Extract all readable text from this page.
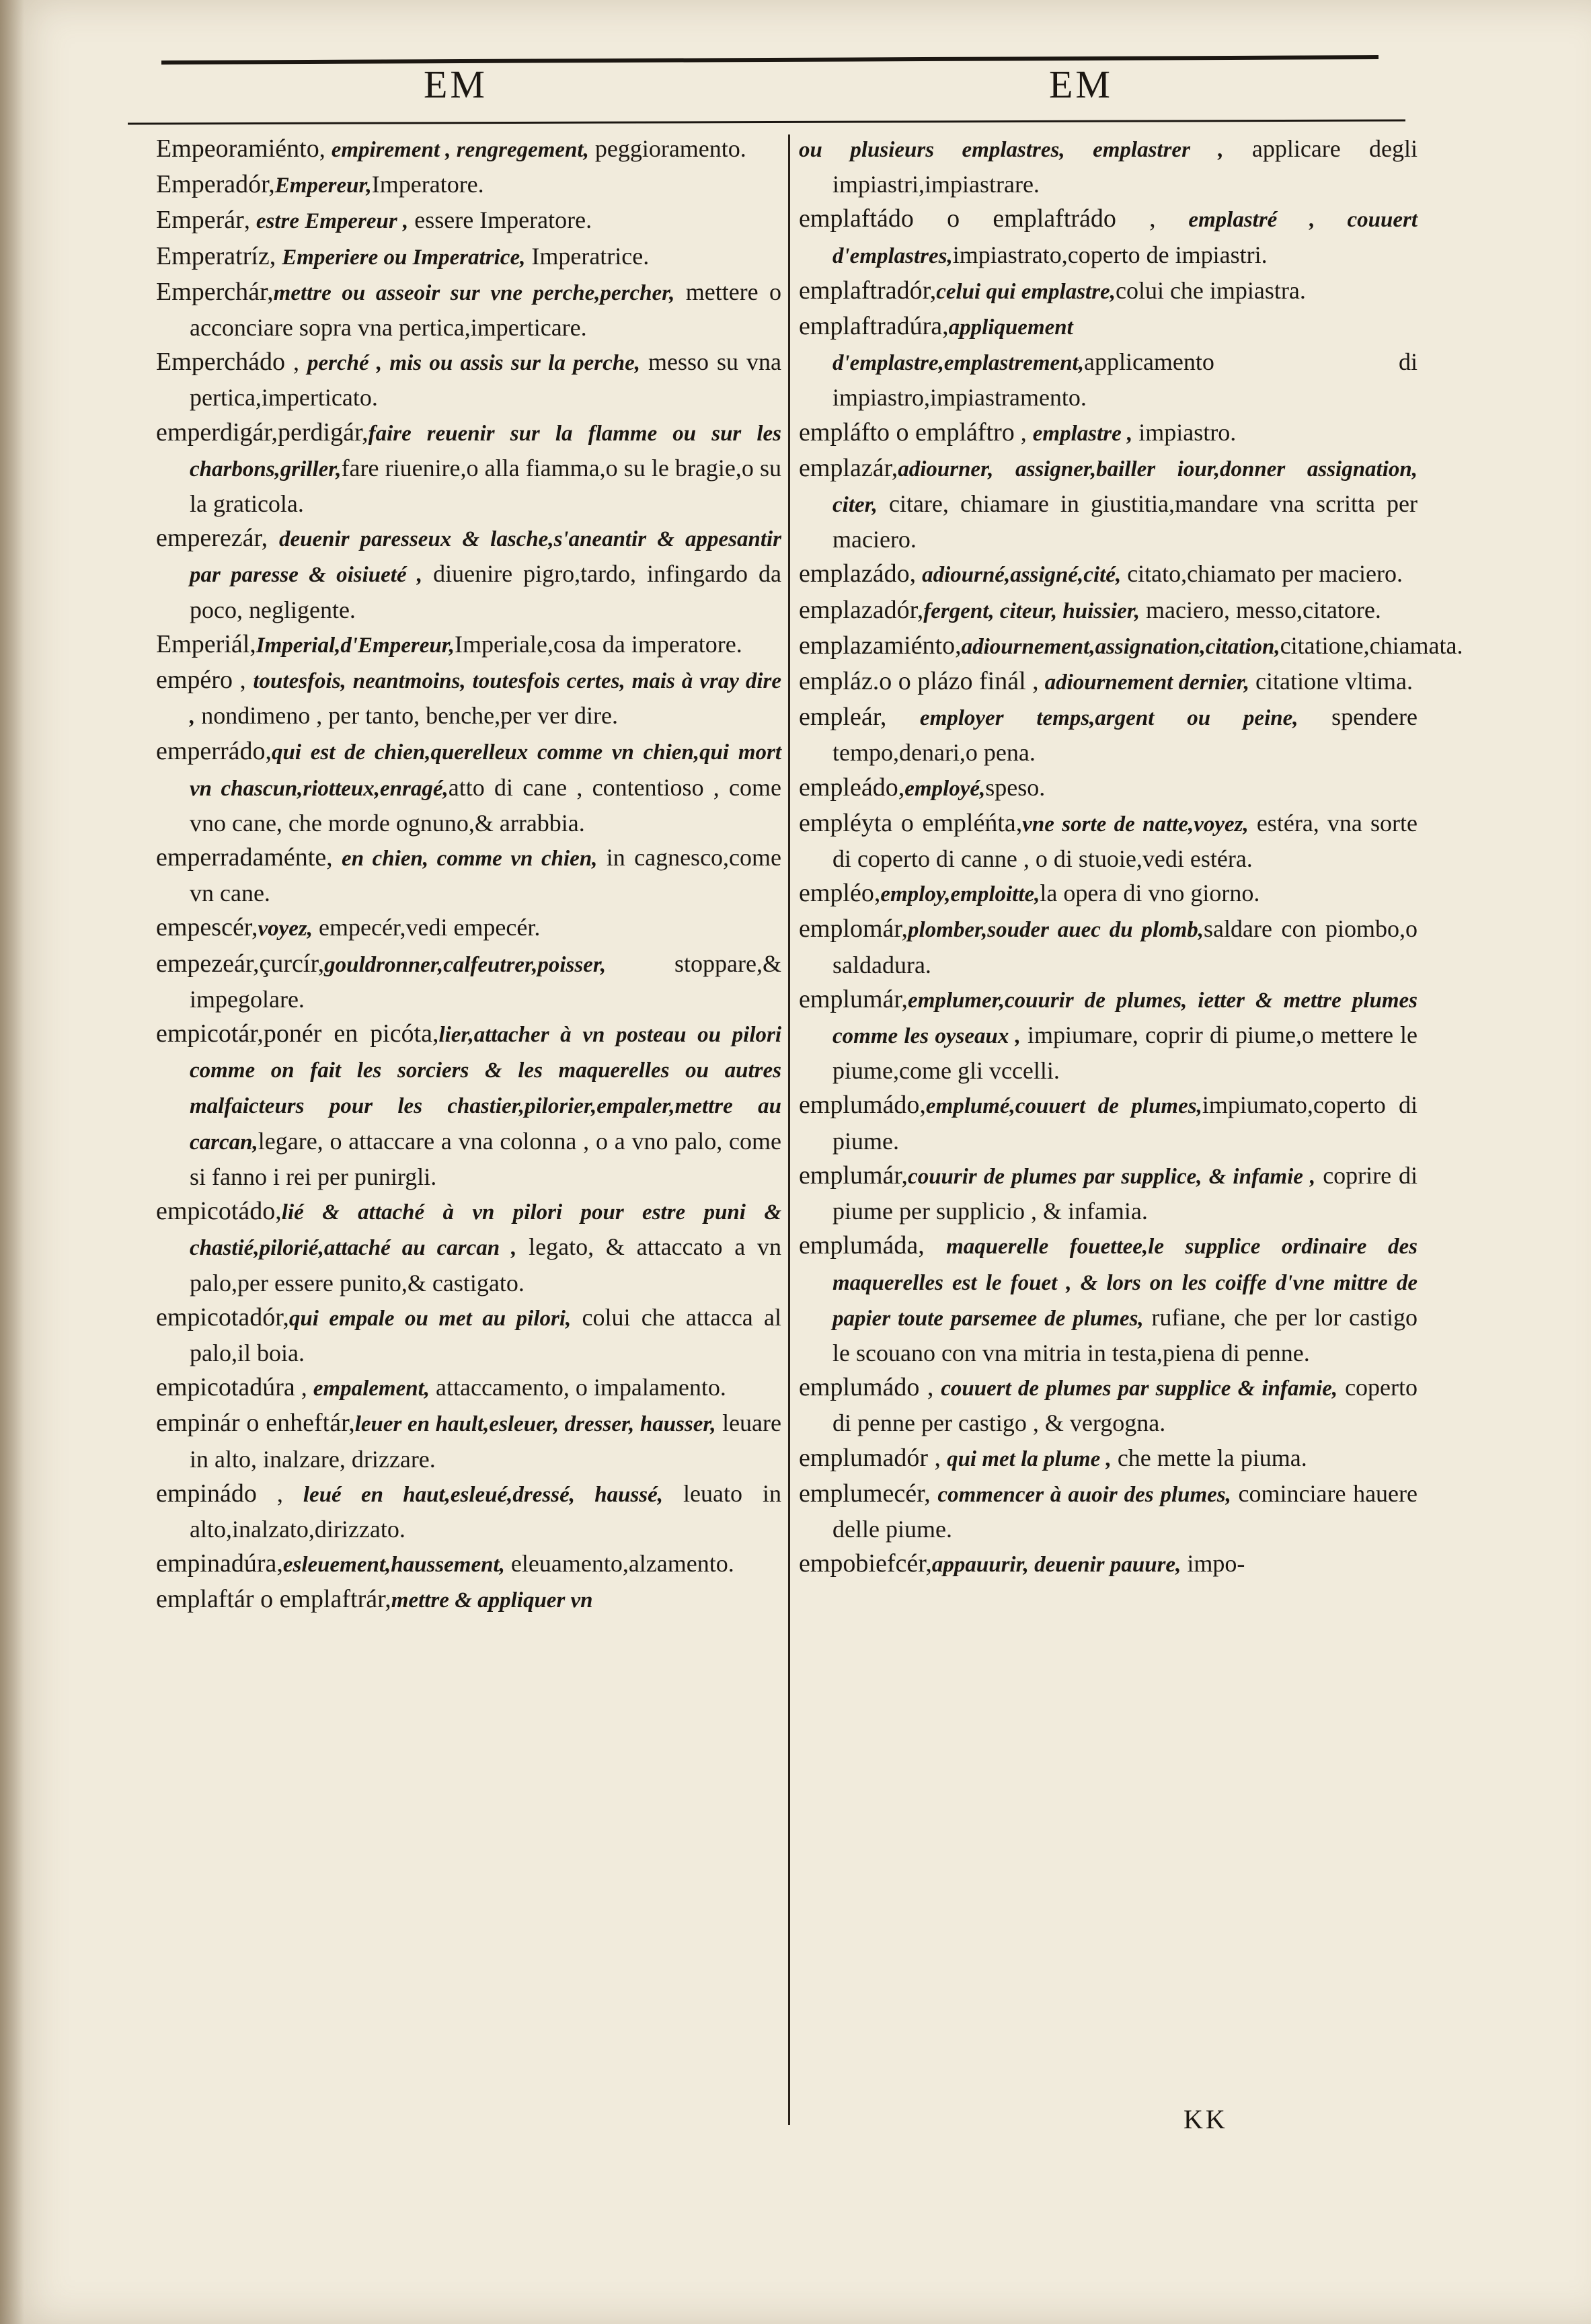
EM	EM
Empeoramiénto, empirement , rengregement, peggioramento.
Emperadór,Empereur,Imperatore.
Emperár, estre Empereur , essere Imperatore.
Emperatríz, Emperiere ou Imperatrice, Imperatrice.
Emperchár,mettre ou asseoir sur vne perche,percher, mettere o acconciare sopra vna pertica,imperticare.
Emperchádo , perché , mis ou assis sur la perche, messo su vna pertica,imperticato.
emperdigár,perdigár,faire reuenir sur la flamme ou sur les charbons,griller,fare riuenire,o alla fiamma,o su le bragie,o su la graticola.
emperezár, deuenir paresseux & lasche,s'aneantir & appesantir par paresse & oisiueté , diuenire pigro,tardo, infingardo da poco, negligente.
Emperiál,Imperial,d'Empereur,Imperiale,cosa da imperatore.
empéro , toutesfois, neantmoins, toutesfois certes, mais à vray dire , nondimeno , per tanto, benche,per ver dire.
emperrádo,qui est de chien,querelleux comme vn chien,qui mort vn chascun,riotteux,enragé,atto di cane , contentioso , come vno cane, che morde ognuno,& arrabbia.
emperradaménte, en chien, comme vn chien, in cagnesco,come vn cane.
empescér,voyez, empecér,vedi empecér.
empezeár,çurcír,gouldronner,calfeutrer,poisser, stoppare,& impegolare.
empicotár,ponér en picóta,lier,attacher à vn posteau ou pilori comme on fait les sorciers & les maquerelles ou autres malfaicteurs pour les chastier,pilorier,empaler,mettre au carcan,legare, o attaccare a vna colonna , o a vno palo, come si fanno i rei per punirgli.
empicotádo,lié & attaché à vn pilori pour estre puni & chastié,pilorié,attaché au carcan , legato, & attaccato a vn palo,per essere punito,& castigato.
empicotadór,qui empale ou met au pilori, colui che attacca al palo,il boia.
empicotadúra , empalement, attaccamento, o impalamento.
empinár o enheftár,leuer en hault,esleuer, dresser, hausser, leuare in alto, inalzare, drizzare.
empinádo , leué en haut,esleué,dressé, haussé, leuato in alto,inalzato,dirizzato.
empinadúra,esleuement,haussement, eleuamento,alzamento.
emplaftár o emplaftrár,mettre & appliquer vn
ou plusieurs emplastres, emplastrer , applicare degli impiastri,impiastrare.
emplaftádo o emplaftrádo , emplastré , couuert d'emplastres,impiastrato,coperto de impiastri.
emplaftradór,celui qui emplastre,colui che impiastra.
emplaftradúra,appliquement d'emplastre,emplastrement,applicamento di impiastro,impiastramento.
empláfto o empláftro , emplastre , impiastro.
emplazár,adiourner, assigner,bailler iour,donner assignation, citer, citare, chiamare in giustitia,mandare vna scritta per maciero.
emplazádo, adiourné,assigné,cité, citato,chiamato per maciero.
emplazadór,fergent, citeur, huissier, maciero, messo,citatore.
emplazamiénto,adiournement,assignation,citation,citatione,chiamata.
empláz.o o plázo finál , adiournement dernier, citatione vltima.
empleár, employer temps,argent ou peine, spendere tempo,denari,o pena.
empleádo,employé,speso.
empléyta o empléńta,vne sorte de natte,voyez, estéra, vna sorte di coperto di canne , o di stuoie,vedi estéra.
empléo,employ,emploitte,la opera di vno giorno.
emplomár,plomber,souder auec du plomb,saldare con piombo,o saldadura.
emplumár,emplumer,couurir de plumes, ietter & mettre plumes comme les oyseaux , impiumare, coprir di piume,o mettere le piume,come gli vccelli.
emplumádo,emplumé,couuert de plumes,impiumato,coperto di piume.
emplumár,couurir de plumes par supplice, & infamie , coprire di piume per supplicio , & infamia.
emplumáda, maquerelle fouettee,le supplice ordinaire des maquerelles est le fouet , & lors on les coiffe d'vne mittre de papier toute parsemee de plumes, rufiane, che per lor castigo le scouano con vna mitria in testa,piena di penne.
emplumádo , couuert de plumes par supplice & infamie, coperto di penne per castigo , & vergogna.
emplumadór , qui met la plume , che mette la piuma.
emplumecér, commencer à auoir des plumes, cominciare hauere delle piume.
empobiefcér,appauurir, deuenir pauure, impo-
KK
